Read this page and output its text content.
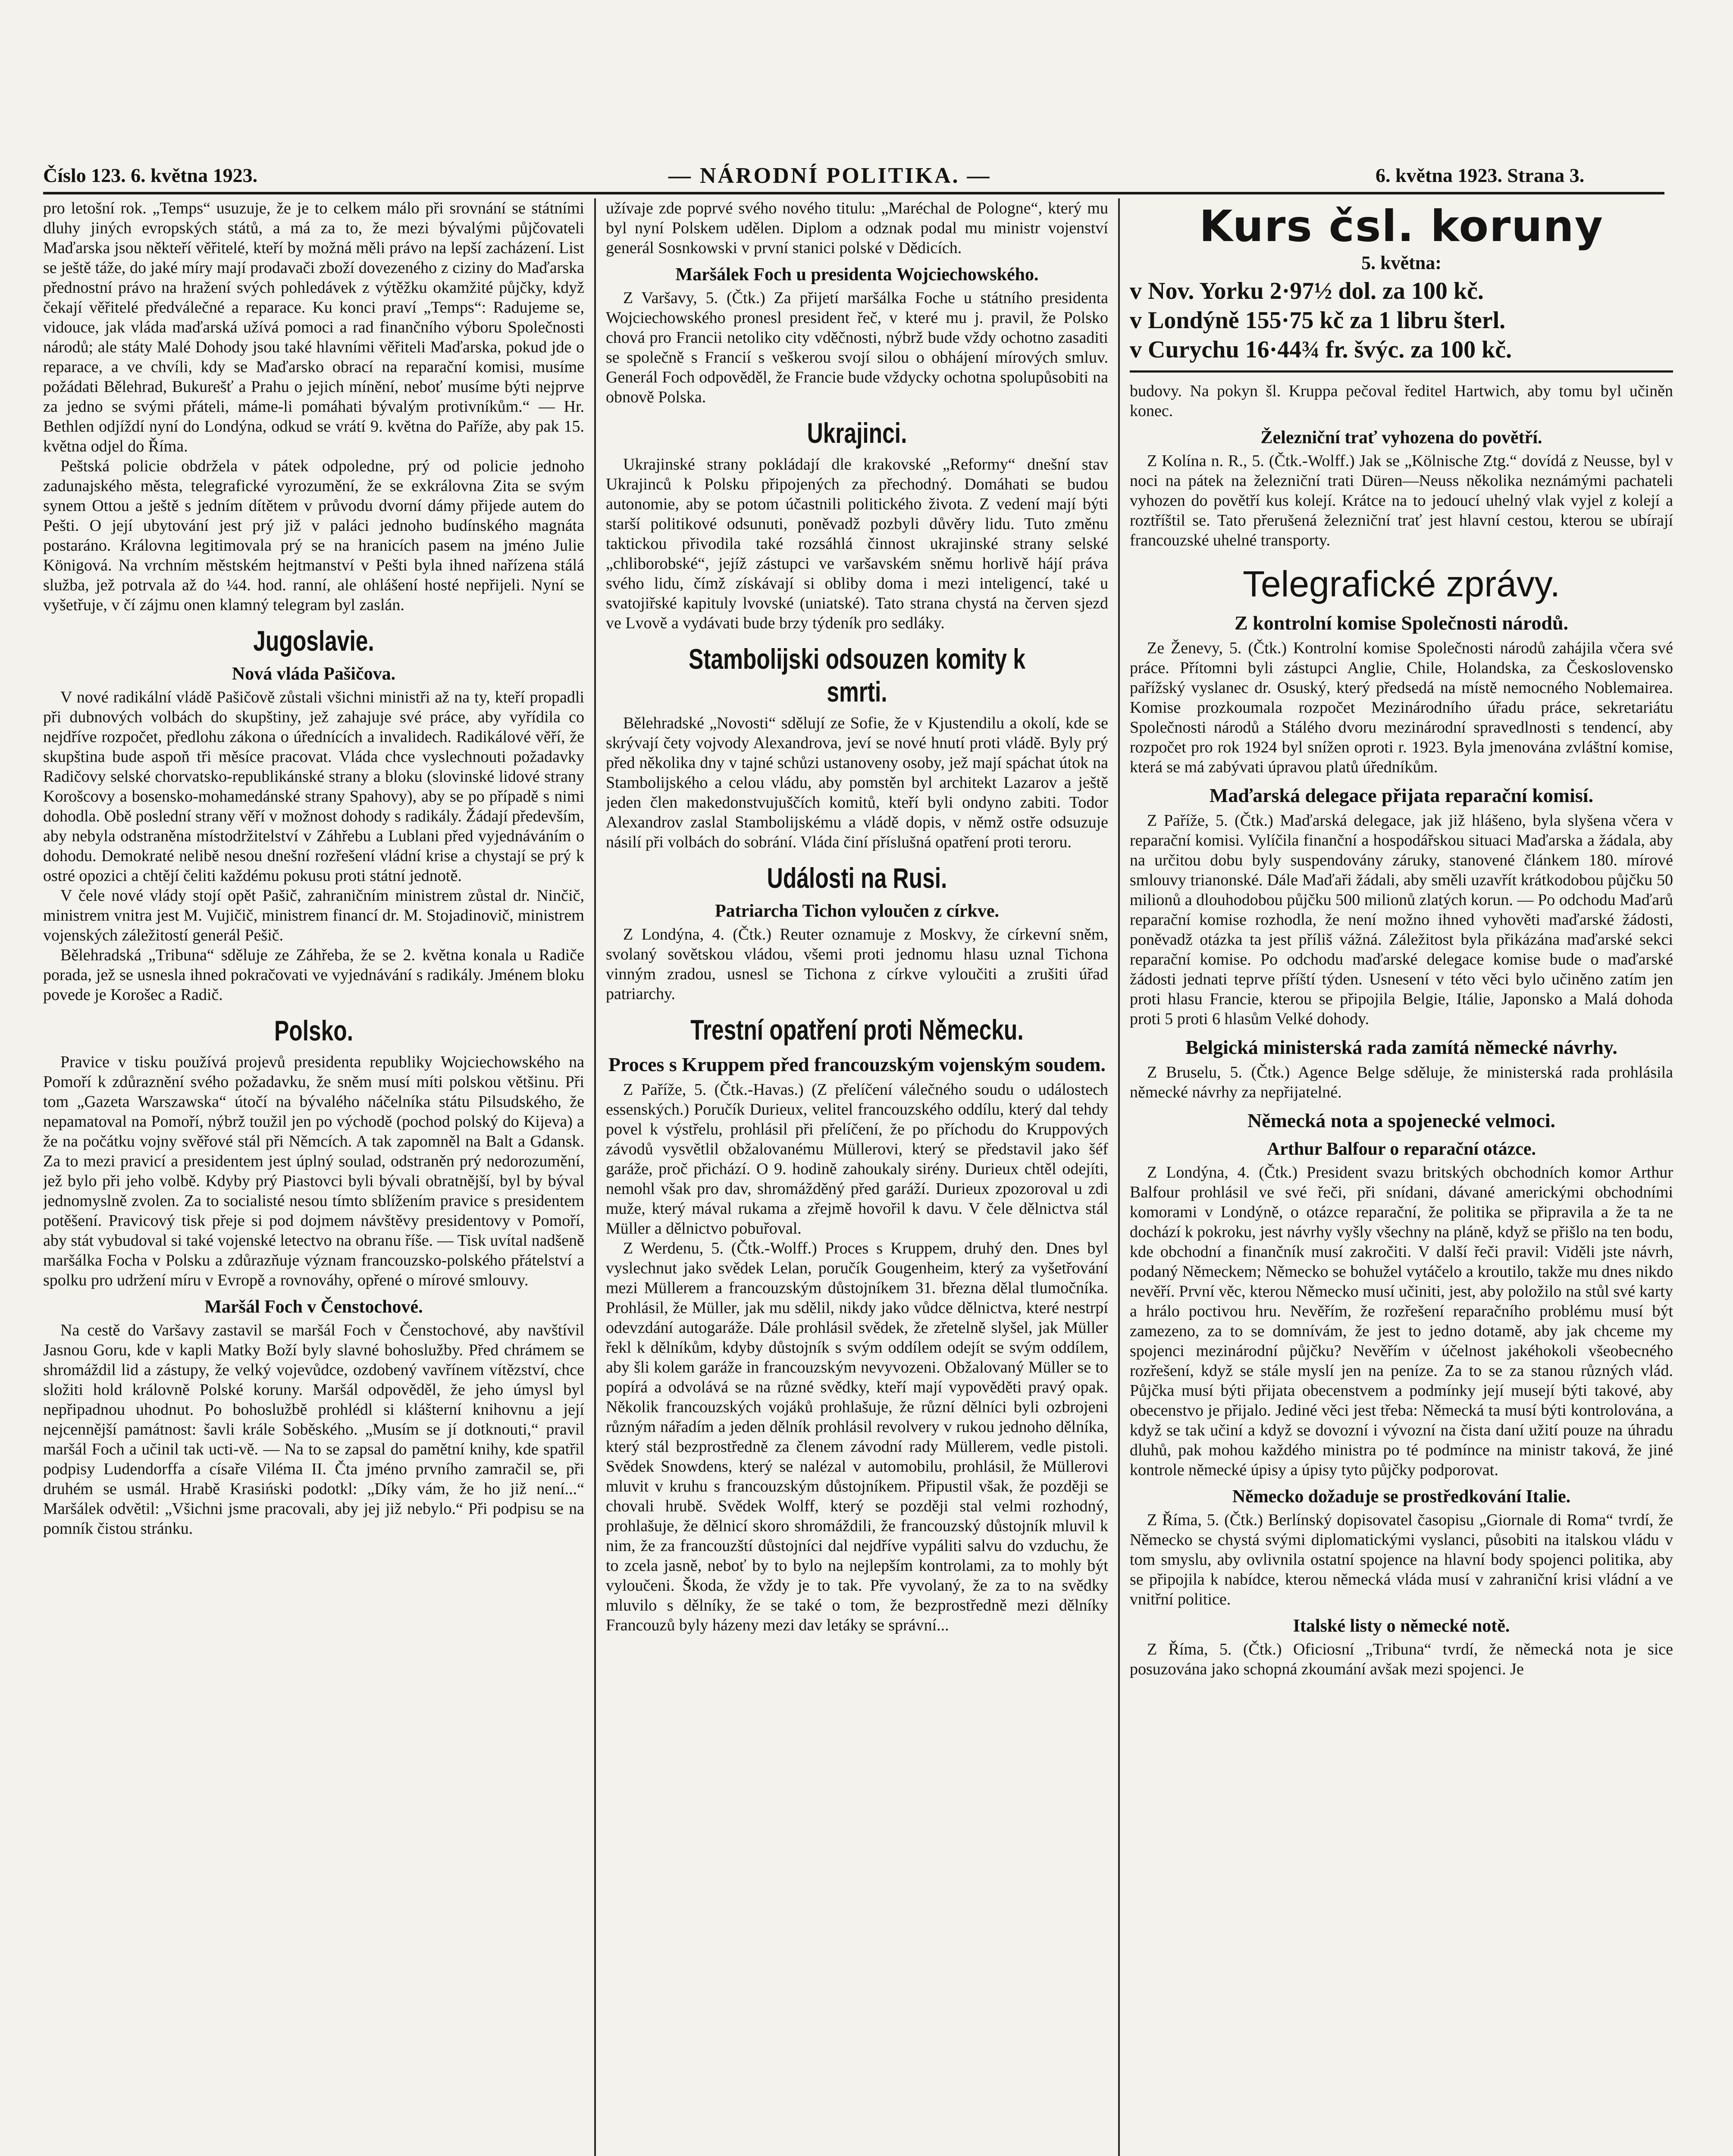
Číslo 123. 6. května 1923.	— NÁRODNÍ POLITIKA. —	6. května 1923. Strana 3.

pro letošní rok. „Temps“ usuzuje, že je to celkem málo při srovnání se státními dluhy jiných evropských států, a má za to, že mezi bývalými půjčovateli Maďarska jsou někteří věřitelé, kteří by možná měli právo na lepší zacházení. List se ještě táže, do jaké míry mají prodavači zboží dovezeného z ciziny do Maďarska přednostní právo na hražení svých pohledávek z výtěžku okamžité půjčky, když čekají věřitelé předválečné a reparace. Ku konci praví „Temps“: Radujeme se, vidouce, jak vláda maďarská užívá pomoci a rad finančního výboru Společnosti národů; ale státy Malé Dohody jsou také hlavními věřiteli Maďarska, pokud jde o reparace, a ve chvíli, kdy se Maďarsko obrací na reparační komisi, musíme požádati Bělehrad, Bukurešť a Prahu o jejich mínění, neboť musíme býti nejprve za jedno se svými přáteli, máme-li pomáhati bývalým protivníkům.“ — Hr. Bethlen odjíždí nyní do Londýna, odkud se vrátí 9. května do Paříže, aby pak 15. května odjel do Říma.

Peštská policie obdržela v pátek odpoledne, prý od policie jednoho zadunajského města, telegrafické vyrozumění, že se exkrálovna Zita se svým synem Ottou a ještě s jedním dítětem v průvodu dvorní dámy přijede autem do Pešti. O její ubytování jest prý již v paláci jednoho budínského magnáta postaráno. Královna legitimovala prý se na hranicích pasem na jméno Julie Königová. Na vrchním městském hejtmanství v Pešti byla ihned nařízena stálá služba, jež potrvala až do ¼4. hod. ranní, ale ohlášení hosté nepřijeli. Nyní se vyšetřuje, v čí zájmu onen klamný telegram byl zaslán.

Jugoslavie.
Nová vláda Pašičova.

V nové radikální vládě Pašičově zůstali všichni ministři až na ty, kteří propadli při dubnových volbách do skupštiny, jež zahajuje své práce, aby vyřídila co nejdříve rozpočet, předlohu zákona o úřednících a invalidech. Radikálové věří, že skupština bude aspoň tři měsíce pracovat. Vláda chce vyslechnouti požadavky Radičovy selské chorvatsko-republikánské strany a bloku (slovinské lidové strany Korošcovy a bosensko-mohamedánské strany Spahovy), aby se po případě s nimi dohodla. Obě poslední strany věří v možnost dohody s radikály. Žádají především, aby nebyla odstraněna místodržitelství v Záhřebu a Lublani před vyjednáváním o dohodu. Demokraté nelibě nesou dnešní rozřešení vládní krise a chystají se prý k ostré opozici a chtějí čeliti každému pokusu proti státní jednotě.

V čele nové vlády stojí opět Pašič, zahraničním ministrem zůstal dr. Ninčič, ministrem vnitra jest M. Vujičič, ministrem financí dr. M. Stojadinovič, ministrem vojenských záležitostí generál Pešič.

Bělehradská „Tribuna“ sděluje ze Záhřeba, že se 2. května konala u Radiče porada, jež se usnesla ihned pokračovati ve vyjednávání s radikály. Jménem bloku povede je Korošec a Radič.

Polsko.

Pravice v tisku používá projevů presidenta republiky Wojciechowského na Pomoří k zdůraznění svého požadavku, že sněm musí míti polskou většinu. Při tom „Gazeta Warszawska“ útočí na bývalého náčelníka státu Pilsudského, že nepamatoval na Pomoří, nýbrž toužil jen po východě (pochod polský do Kijeva) a že na počátku vojny svěřové stál při Němcích. A tak zapomněl na Balt a Gdansk. Za to mezi pravicí a presidentem jest úplný soulad, odstraněn prý nedorozumění, jež bylo při jeho volbě. Kdyby prý Piastovci byli bývali obratnější, byl by býval jednomyslně zvolen. Za to socialisté nesou tímto sblížením pravice s presidentem potěšení. Pravicový tisk přeje si pod dojmem návštěvy presidentovy v Pomoří, aby stát vybudoval si také vojenské letectvo na obranu říše. — Tisk uvítal nadšeně maršálka Focha v Polsku a zdůrazňuje význam francouzsko-polského přátelství a spolku pro udržení míru v Evropě a rovnováhy, opřené o mírové smlouvy.

Maršál Foch v Čenstochové.

Na cestě do Varšavy zastavil se maršál Foch v Čenstochové, aby navštívil Jasnou Goru, kde v kapli Matky Boží byly slavné bohoslužby. Před chrámem se shromáždil lid a zástupy, že velký vojevůdce, ozdobený vavřínem vítězství, chce složiti hold královně Polské koruny. Maršál odpověděl, že jeho úmysl byl nepřipadnou uhodnut. Po bohoslužbě prohlédl si klášterní knihovnu a její nejcennější památnost: šavli krále Soběského. „Musím se jí dotknouti,“ pravil maršál Foch a učinil tak ucti-vě. — Na to se zapsal do pamětní knihy, kde spatřil podpisy Ludendorffa a císaře Viléma II. Čta jméno prvního zamračil se, při druhém se usmál. Hrabě Krasiński podotkl: „Díky vám, že ho již není...“ Maršálek odvětil: „Všichni jsme pracovali, aby jej již nebylo.“ Při podpisu se na pomník čistou stránku.

užívaje zde poprvé svého nového titulu: „Maréchal de Pologne“, který mu byl nyní Polskem udělen. Diplom a odznak podal mu ministr vojenství generál Sosnkowski v první stanici polské v Dědicích.

Maršálek Foch u presidenta Wojciechowského.

Z Varšavy, 5. (Čtk.) Za přijetí maršálka Foche u státního presidenta Wojciechowského pronesl president řeč, v které mu j. pravil, že Polsko chová pro Francii netoliko city vděčnosti, nýbrž bude vždy ochotno zasaditi se společně s Francií s veškerou svojí silou o obhájení mírových smluv. Generál Foch odpověděl, že Francie bude vždycky ochotna spolupůsobiti na obnově Polska.

Ukrajinci.

Ukrajinské strany pokládají dle krakovské „Reformy“ dnešní stav Ukrajinců k Polsku připojených za přechodný. Domáhati se budou autonomie, aby se potom účastnili politického života. Z vedení mají býti starší politikové odsunuti, poněvadž pozbyli důvěry lidu. Tuto změnu taktickou přivodila také rozsáhlá činnost ukrajinské strany selské „chliborobské“, jejíž zástupci ve varšavském sněmu horlivě hájí práva svého lidu, čímž získávají si obliby doma i mezi inteligencí, také u svatojiřské kapituly lvovské (uniatské). Tato strana chystá na červen sjezd ve Lvově a vydávati bude brzy týdeník pro sedláky.

Stambolijski odsouzen komity k smrti.

Bělehradské „Novosti“ sdělují ze Sofie, že v Kjustendilu a okolí, kde se skrývají čety vojvody Alexandrova, jeví se nové hnutí proti vládě. Byly prý před několika dny v tajné schůzi ustanoveny osoby, jež mají spáchat útok na Stambolijského a celou vládu, aby pomstěn byl architekt Lazarov a ještě jeden člen makedonstvujuščích komitů, kteří byli ondyno zabiti. Todor Alexandrov zaslal Stambolijskému a vládě dopis, v němž ostře odsuzuje násilí při volbách do sobrání. Vláda činí příslušná opatření proti teroru.

Události na Rusi.
Patriarcha Tichon vyloučen z církve.

Z Londýna, 4. (Čtk.) Reuter oznamuje z Moskvy, že církevní sněm, svolaný sovětskou vládou, všemi proti jednomu hlasu uznal Tichona vinným zradou, usnesl se Tichona z církve vyloučiti a zrušiti úřad patriarchy.

Trestní opatření proti Německu.
Proces s Kruppem před francouzským vojenským soudem.

Z Paříže, 5. (Čtk.-Havas.) (Z přelíčení válečného soudu o událostech essenských.) Poručík Durieux, velitel francouzského oddílu, který dal tehdy povel k výstřelu, prohlásil při přelíčení, že po příchodu do Kruppových závodů vysvětlil obžalovanému Müllerovi, který se představil jako šéf garáže, proč přichází. O 9. hodině zahoukaly sirény. Durieux chtěl odejíti, nemohl však pro dav, shromážděný před garáží. Durieux zpozoroval u zdi muže, který mával rukama a zřejmě hovořil k davu. V čele dělnictva stál Müller a dělnictvo pobuřoval.

Z Werdenu, 5. (Čtk.-Wolff.) Proces s Kruppem, druhý den. Dnes byl vyslechnut jako svědek Lelan, poručík Gougenheim, který za vyšetřování mezi Müllerem a francouzským důstojníkem 31. března dělal tlumočníka. Prohlásil, že Müller, jak mu sdělil, nikdy jako vůdce dělnictva, které nestrpí odevzdání autogaráže. Dále prohlásil svědek, že zřetelně slyšel, jak Müller řekl k dělníkům, kdyby důstojník s svým oddílem odejít se svým oddílem, aby šli kolem garáže in francouzským nevyvozeni. Obžalovaný Müller se to popírá a odvolává se na různé svědky, kteří mají vypověděti pravý opak. Několik francouzských vojáků prohlašuje, že různí dělníci byli ozbrojeni různým nářadím a jeden dělník prohlásil revolvery v rukou jednoho dělníka, který stál bezprostředně za členem závodní rady Müllerem, vedle pistoli. Svědek Snowdens, který se nalézal v automobilu, prohlásil, že Müllerovi mluvit v kruhu s francouzským důstojníkem. Připustil však, že později se chovali hrubě. Svědek Wolff, který se později stal velmi rozhodný, prohlašuje, že dělnicí skoro shromáždili, že francouzský důstojník mluvil k nim, že za francouzští důstojníci dal nejdříve vypáliti salvu do vzduchu, že to zcela jasně, neboť by to bylo na nejlepším kontrolami, za to mohly být vyloučeni. Škoda, že vždy je to tak. Pře vyvolaný, že za to na svědky mluvilo s dělníky, že se také o tom, že bezprostředně mezi dělníky Francouzů byly házeny mezi dav letáky se správní...

Kurs čsl. koruny
5. května:
v Nov. Yorku 2·97½ dol. za 100 kč.
v Londýně 155·75 kč za 1 libru šterl.
v Curychu 16·44¾ fr. švýc. za 100 kč.

budovy. Na pokyn šl. Kruppa pečoval ředitel Hartwich, aby tomu byl učiněn konec.

Železniční trať vyhozena do povětří.

Z Kolína n. R., 5. (Čtk.-Wolff.) Jak se „Kölnische Ztg.“ dovídá z Neusse, byl v noci na pátek na železniční trati Düren—Neuss několika neznámými pachateli vyhozen do povětří kus kolejí. Krátce na to jedoucí uhelný vlak vyjel z kolejí a roztříštil se. Tato přerušená železniční trať jest hlavní cestou, kterou se ubírají francouzské uhelné transporty.

Telegrafické zprávy.
Z kontrolní komise Společnosti národů.

Ze Ženevy, 5. (Čtk.) Kontrolní komise Společnosti národů zahájila včera své práce. Přítomni byli zástupci Anglie, Chile, Holandska, za Československo pařížský vyslanec dr. Osuský, který předsedá na místě nemocného Noblemairea. Komise prozkoumala rozpočet Mezinárodního úřadu práce, sekretariátu Společnosti národů a Stálého dvoru mezinárodní spravedlnosti s tendencí, aby rozpočet pro rok 1924 byl snížen oproti r. 1923. Byla jmenována zvláštní komise, která se má zabývati úpravou platů úředníkům.

Maďarská delegace přijata reparační komisí.

Z Paříže, 5. (Čtk.) Maďarská delegace, jak již hlášeno, byla slyšena včera v reparační komisi. Vylíčila finanční a hospodářskou situaci Maďarska a žádala, aby na určitou dobu byly suspendovány záruky, stanovené článkem 180. mírové smlouvy trianonské. Dále Maďaři žádali, aby směli uzavřít krátkodobou půjčku 50 milionů a dlouhodobou půjčku 500 milionů zlatých korun. — Po odchodu Maďarů reparační komise rozhodla, že není možno ihned vyhověti maďarské žádosti, poněvadž otázka ta jest příliš vážná. Záležitost byla přikázána maďarské sekci reparační komise. Po odchodu maďarské delegace komise bude o maďarské žádosti jednati teprve příští týden. Usnesení v této věci bylo učiněno zatím jen proti hlasu Francie, kterou se připojila Belgie, Itálie, Japonsko a Malá dohoda proti 5 proti 6 hlasům Velké dohody.

Belgická ministerská rada zamítá německé návrhy.

Z Bruselu, 5. (Čtk.) Agence Belge sděluje, že ministerská rada prohlásila německé návrhy za nepřijatelné.

Německá nota a spojenecké velmoci.
Arthur Balfour o reparační otázce.

Z Londýna, 4. (Čtk.) President svazu britských obchodních komor Arthur Balfour prohlásil ve své řeči, při snídani, dávané americkými obchodními komorami v Londýně, o otázce reparační, že politika se připravila a že ta ne dochází k pokroku, jest návrhy vyšly všechny na pláně, když se přišlo na ten bodu, kde obchodní a finančník musí zakročiti. V další řeči pravil: Viděli jste návrh, podaný Německem; Německo se bohužel vytáčelo a kroutilo, takže mu dnes nikdo nevěří. První věc, kterou Německo musí učiniti, jest, aby položilo na stůl své karty a hrálo poctivou hru. Nevěřím, že rozřešení reparačního problému musí být zamezeno, za to se domnívám, že jest to jedno dotamě, aby jak chceme my spojenci mezinárodní půjčku? Nevěřím v účelnost jakéhokoli všeobecného rozřešení, když se stále myslí jen na peníze. Za to se za stanou různých vlád. Půjčka musí býti přijata obecenstvem a podmínky její musejí býti takové, aby obecenstvo je přijalo. Jediné věci jest třeba: Německá ta musí býti kontrolována, a když se tak učiní a když se dovozní i vývozní na čista daní užití pouze na úhradu dluhů, pak mohou každého ministra po té podmínce na ministr taková, že jiné kontrole německé úpisy a úpisy tyto půjčky podporovat.

Německo dožaduje se prostředkování Italie.

Z Říma, 5. (Čtk.) Berlínský dopisovatel časopisu „Giornale di Roma“ tvrdí, že Německo se chystá svými diplomatickými vyslanci, působiti na italskou vládu v tom smyslu, aby ovlivnila ostatní spojence na hlavní body spojenci politika, aby se připojila k nabídce, kterou německá vláda musí v zahraniční krisi vládní a ve vnitřní politice.

Italské listy o německé notě.

Z Říma, 5. (Čtk.) Oficiosní „Tribuna“ tvrdí, že německá nota je sice posuzována jako schopná zkoumání avšak mezi spojenci. Je
